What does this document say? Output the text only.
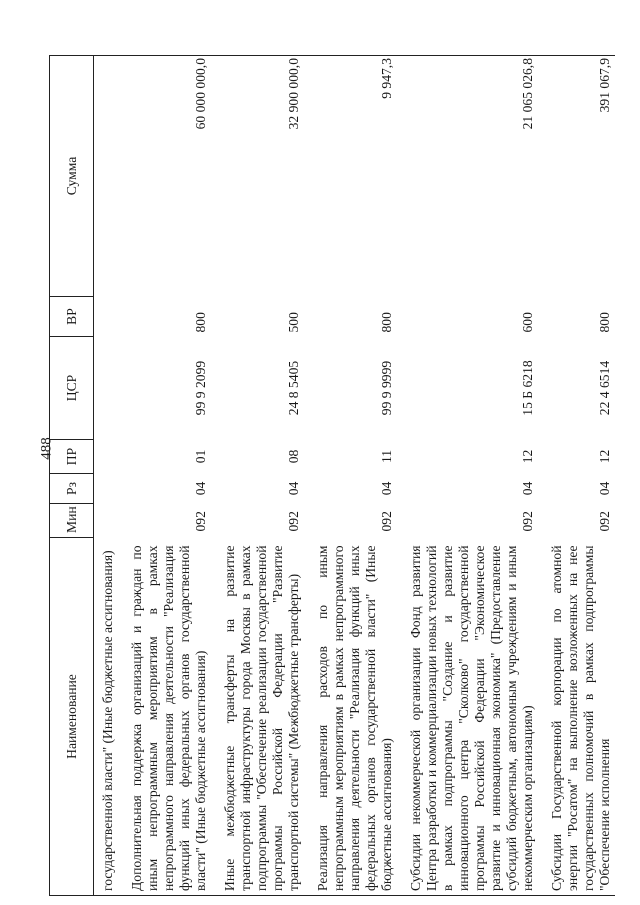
488
Наименование	Мин	Рз	ПР	ЦСР	ВР	Сумма
государственной власти" (Иные бюджетные ассигнования)						

Дополнительная поддержка организаций и граждан по иным непрограммным мероприятиям в рамках непрограммного направления деятельности "Реализация функций иных федеральных органов государственной власти" (Иные бюджетные ассигнования)	092	04	01	99 9 2099	800	60 000 000,0

Иные межбюджетные трансферты на развитие транспортной инфраструктуры города Москвы в рамках подпрограммы "Обеспечение реализации государственной программы Российской Федерации "Развитие транспортной системы" (Межбюджетные трансферты)	092	04	08	24 8 5405	500	32 900 000,0

Реализация направления расходов по иным непрограммным мероприятиям в рамках непрограммного направления деятельности "Реализация функций иных федеральных органов государственной власти" (Иные бюджетные ассигнования)	092	04	11	99 9 9999	800	9 947,3

Субсидии некоммерческой организации Фонд развития Центра разработки и коммерциализации новых технологий в рамках подпрограммы "Создание и развитие инновационного центра "Сколково" государственной программы Российской Федерации "Экономическое развитие и инновационная экономика" (Предоставление субсидий бюджетным, автономным учреждениям и иным некоммерческим организациям)	092	04	12	15 Б 6218	600	21 065 026,8

Субсидии Государственной корпорации по атомной энергии "Росатом" на выполнение возложенных на нее государственных полномочий в рамках подпрограммы "Обеспечение исполнения	092	04	12	22 4 6514	800	391 067,9
